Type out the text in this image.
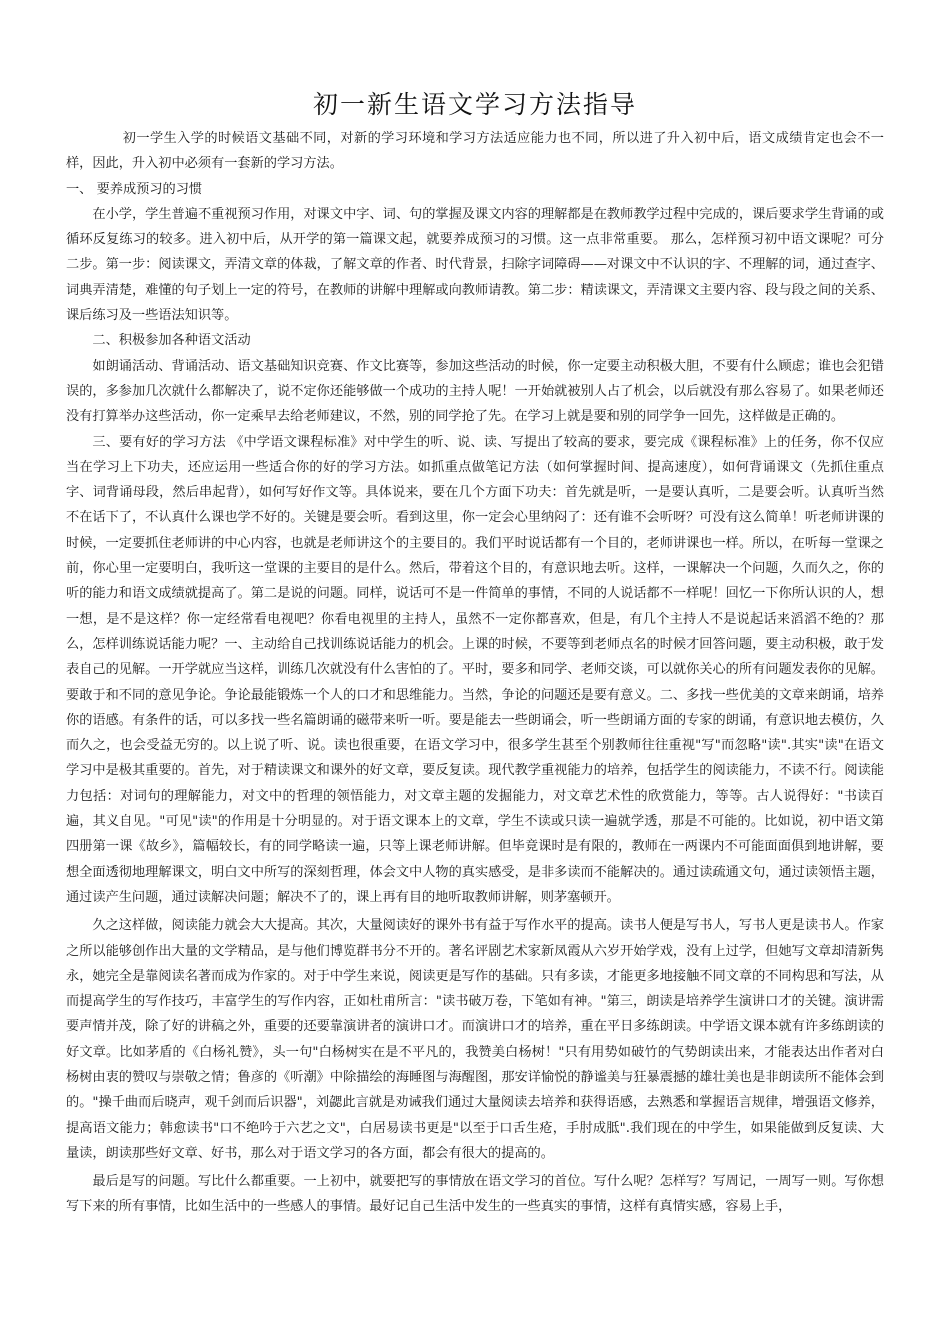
初一新生语文学习方法指导

初一学生入学的时候语文基础不同，对新的学习环境和学习方法适应能力也不同，所以进了升入初中后，语文成绩肯定也会不一样，因此，升入初中必须有一套新的学习方法。

一、 要养成预习的习惯

在小学，学生普遍不重视预习作用，对课文中字、词、句的掌握及课文内容的理解都是在教师教学过程中完成的，课后要求学生背诵的或循环反复练习的较多。进入初中后，从开学的第一篇课文起，就要养成预习的习惯。这一点非常重要。 那么，怎样预习初中语文课呢？可分二步。第一步：阅读课文，弄清文章的体裁，了解文章的作者、时代背景，扫除字词障碍——对课文中不认识的字、不理解的词，通过查字、词典弄清楚，难懂的句子划上一定的符号，在教师的讲解中理解或向教师请教。第二步：精读课文，弄清课文主要内容、段与段之间的关系、课后练习及一些语法知识等。

二、积极参加各种语文活动

如朗诵活动、背诵活动、语文基础知识竞赛、作文比赛等，参加这些活动的时候，你一定要主动积极大胆，不要有什么顾虑；谁也会犯错误的，多参加几次就什么都解决了，说不定你还能够做一个成功的主持人呢！一开始就被别人占了机会，以后就没有那么容易了。如果老师还没有打算举办这些活动，你一定乘早去给老师建议，不然，别的同学抢了先。在学习上就是要和别的同学争一回先，这样做是正确的。

三、要有好的学习方法 《中学语文课程标准》对中学生的听、说、读、写提出了较高的要求，要完成《课程标准》上的任务，你不仅应当在学习上下功夫，还应运用一些适合你的好的学习方法。如抓重点做笔记方法（如何掌握时间、提高速度），如何背诵课文（先抓住重点字、词背诵母段，然后串起背），如何写好作文等。具体说来，要在几个方面下功夫：首先就是听，一是要认真听，二是要会听。认真听当然不在话下了，不认真什么课也学不好的。关键是要会听。看到这里，你一定会心里纳闷了：还有谁不会听呀？可没有这么简单！听老师讲课的时候，一定要抓住老师讲的中心内容，也就是老师讲这个的主要目的。我们平时说话都有一个目的，老师讲课也一样。所以，在听每一堂课之前，你心里一定要明白，我听这一堂课的主要目的是什么。然后，带着这个目的，有意识地去听。这样，一课解决一个问题，久而久之，你的听的能力和语文成绩就提高了。第二是说的问题。同样，说话可不是一件简单的事情，不同的人说话都不一样呢！回忆一下你所认识的人，想一想，是不是这样？你一定经常看电视吧？你看电视里的主持人，虽然不一定你都喜欢，但是，有几个主持人不是说起话来滔滔不绝的？那么，怎样训练说话能力呢？一、主动给自己找训练说话能力的机会。上课的时候，不要等到老师点名的时候才回答问题，要主动积极，敢于发表自己的见解。一开学就应当这样，训练几次就没有什么害怕的了。平时，要多和同学、老师交谈，可以就你关心的所有问题发表你的见解。要敢于和不同的意见争论。争论最能锻炼一个人的口才和思维能力。当然，争论的问题还是要有意义。二、多找一些优美的文章来朗诵，培养你的语感。有条件的话，可以多找一些名篇朗诵的磁带来听一听。要是能去一些朗诵会，听一些朗诵方面的专家的朗诵，有意识地去模仿，久而久之，也会受益无穷的。以上说了听、说。读也很重要，在语文学习中，很多学生甚至个别教师往往重视"写"而忽略"读".其实"读"在语文学习中是极其重要的。首先，对于精读课文和课外的好文章，要反复读。现代教学重视能力的培养，包括学生的阅读能力，不读不行。阅读能力包括：对词句的理解能力，对文中的哲理的领悟能力，对文章主题的发掘能力，对文章艺术性的欣赏能力，等等。古人说得好："书读百遍，其义自见。"可见"读"的作用是十分明显的。对于语文课本上的文章，学生不读或只读一遍就学透，那是不可能的。比如说，初中语文第四册第一课《故乡》，篇幅较长，有的同学略读一遍，只等上课老师讲解。但毕竟课时是有限的，教师在一两课内不可能面面俱到地讲解，要想全面透彻地理解课文，明白文中所写的深刻哲理，体会文中人物的真实感受，是非多读而不能解决的。通过读疏通文句，通过读领悟主题，通过读产生问题，通过读解决问题；解决不了的，课上再有目的地听取教师讲解，则茅塞顿开。

久之这样做，阅读能力就会大大提高。其次，大量阅读好的课外书有益于写作水平的提高。读书人便是写书人，写书人更是读书人。作家之所以能够创作出大量的文学精品，是与他们博览群书分不开的。著名评剧艺术家新凤霞从六岁开始学戏，没有上过学，但她写文章却清新隽永，她完全是靠阅读名著而成为作家的。对于中学生来说，阅读更是写作的基础。只有多读，才能更多地接触不同文章的不同构思和写法，从而提高学生的写作技巧，丰富学生的写作内容，正如杜甫所言："读书破万卷，下笔如有神。"第三，朗读是培养学生演讲口才的关键。演讲需要声情并茂，除了好的讲稿之外，重要的还要靠演讲者的演讲口才。而演讲口才的培养，重在平日多练朗读。中学语文课本就有许多练朗读的好文章。比如茅盾的《白杨礼赞》，头一句"白杨树实在是不平凡的，我赞美白杨树！"只有用势如破竹的气势朗读出来，才能表达出作者对白杨树由衷的赞叹与崇敬之情；鲁彦的《听潮》中除描绘的海睡图与海醒图，那安详愉悦的静谧美与狂暴震撼的雄壮美也是非朗读所不能体会到的。"操千曲而后晓声，观千剑而后识器"，刘勰此言就是劝诫我们通过大量阅读去培养和获得语感，去熟悉和掌握语言规律，增强语文修养，提高语文能力；韩愈读书"口不绝吟于六艺之文"，白居易读书更是"以至于口舌生疮，手肘成胝".我们现在的中学生，如果能做到反复读、大量读，朗读那些好文章、好书，那么对于语文学习的各方面，都会有很大的提高的。

最后是写的问题。写比什么都重要。一上初中，就要把写的事情放在语文学习的首位。写什么呢？怎样写？写周记，一周写一则。写你想写下来的所有事情，比如生活中的一些感人的事情。最好记自己生活中发生的一些真实的事情，这样有真情实感，容易上手，
